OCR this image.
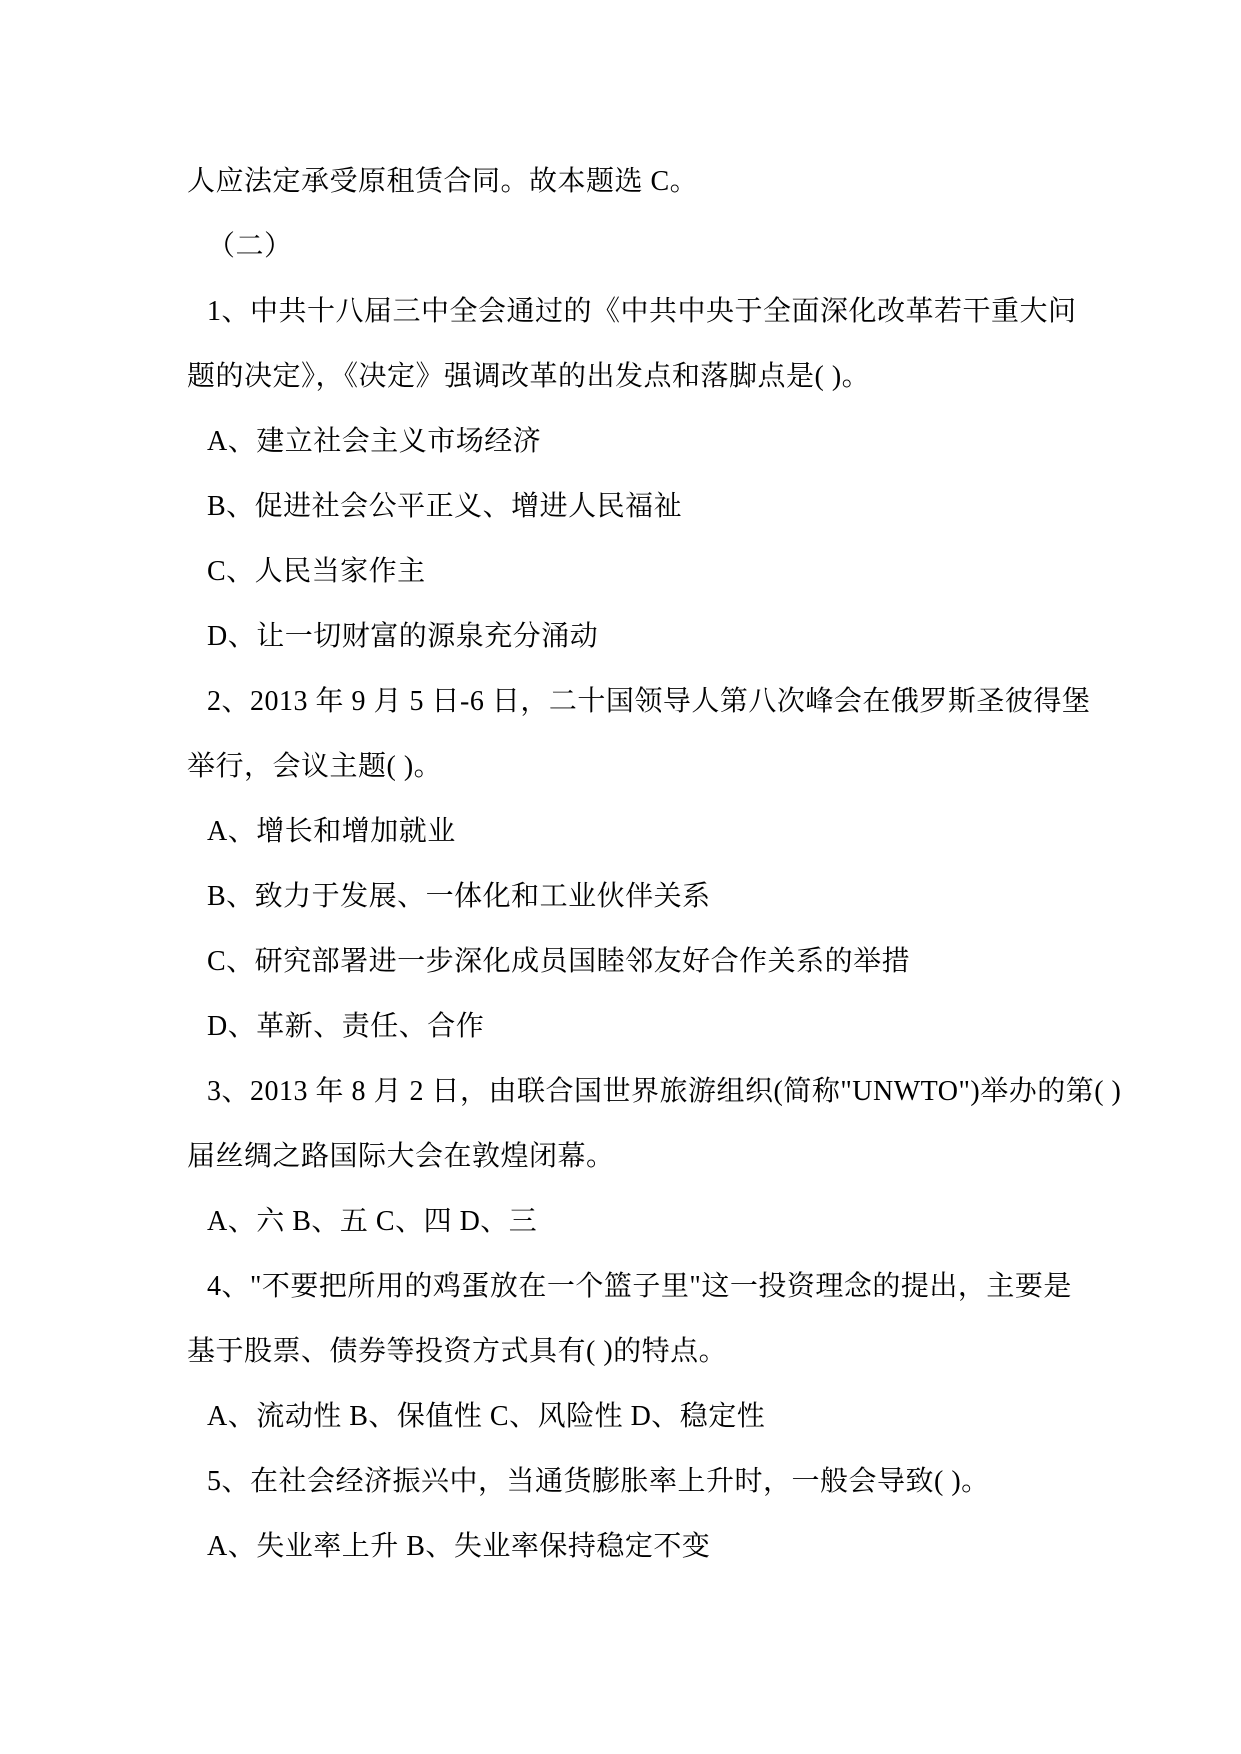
人应法定承受原租赁合同。故本题选 C。
（二）
1、中共十八届三中全会通过的《中共中央于全面深化改革若干重大问
题的决定》，《决定》强调改革的出发点和落脚点是( )。
A、建立社会主义市场经济
B、促进社会公平正义、增进人民福祉
C、人民当家作主
D、让一切财富的源泉充分涌动
2、2013 年 9 月 5 日-6 日，二十国领导人第八次峰会在俄罗斯圣彼得堡
举行，会议主题( )。
A、增长和增加就业
B、致力于发展、一体化和工业伙伴关系
C、研究部署进一步深化成员国睦邻友好合作关系的举措
D、革新、责任、合作
3、2013 年 8 月 2 日，由联合国世界旅游组织(简称"UNWTO")举办的第( )
届丝绸之路国际大会在敦煌闭幕。
A、六 B、五 C、四 D、三
4、"不要把所用的鸡蛋放在一个篮子里"这一投资理念的提出，主要是
基于股票、债券等投资方式具有( )的特点。
A、流动性 B、保值性 C、风险性 D、稳定性
5、在社会经济振兴中，当通货膨胀率上升时，一般会导致( )。
A、失业率上升 B、失业率保持稳定不变
